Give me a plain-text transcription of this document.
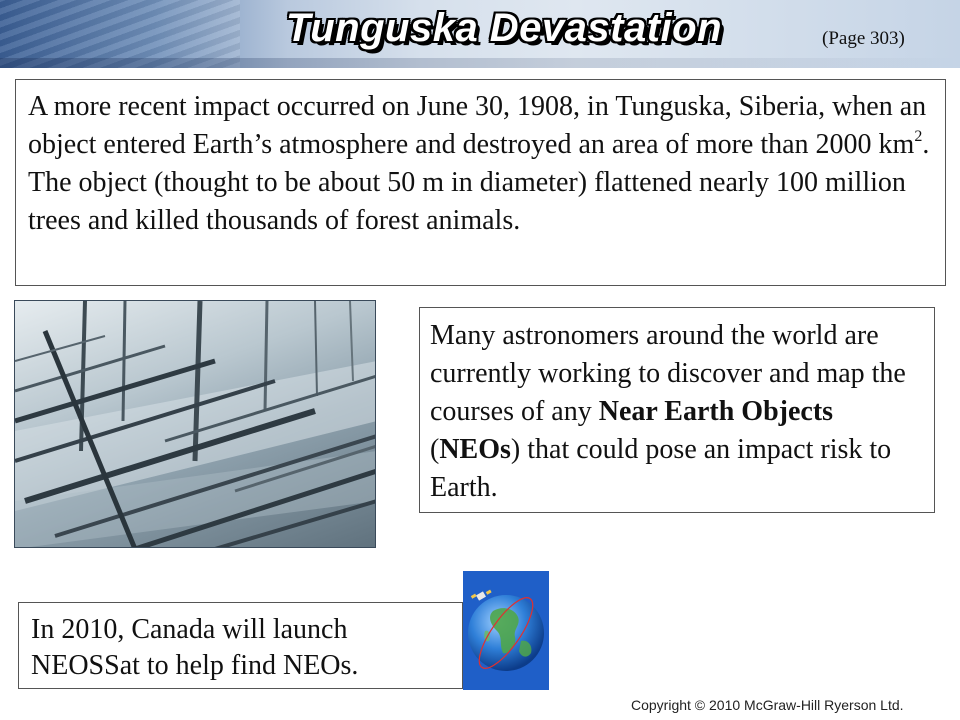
Tunguska Devastation	(Page 303)
A more recent impact occurred on June 30, 1908, in Tunguska, Siberia, when an object entered Earth’s atmosphere and destroyed an area of more than 2000 $km^2$. The object (thought to be about 50 m in diameter) flattened nearly 100 million trees and killed thousands of forest animals.
Many astronomers around the world are currently working to discover and map the courses of any Near Earth Objects (NEOs) that could pose an impact risk to Earth.
In 2010, Canada will launch NEOSSat to help find NEOs.
Copyright © 2010 McGraw-Hill Ryerson Ltd.
